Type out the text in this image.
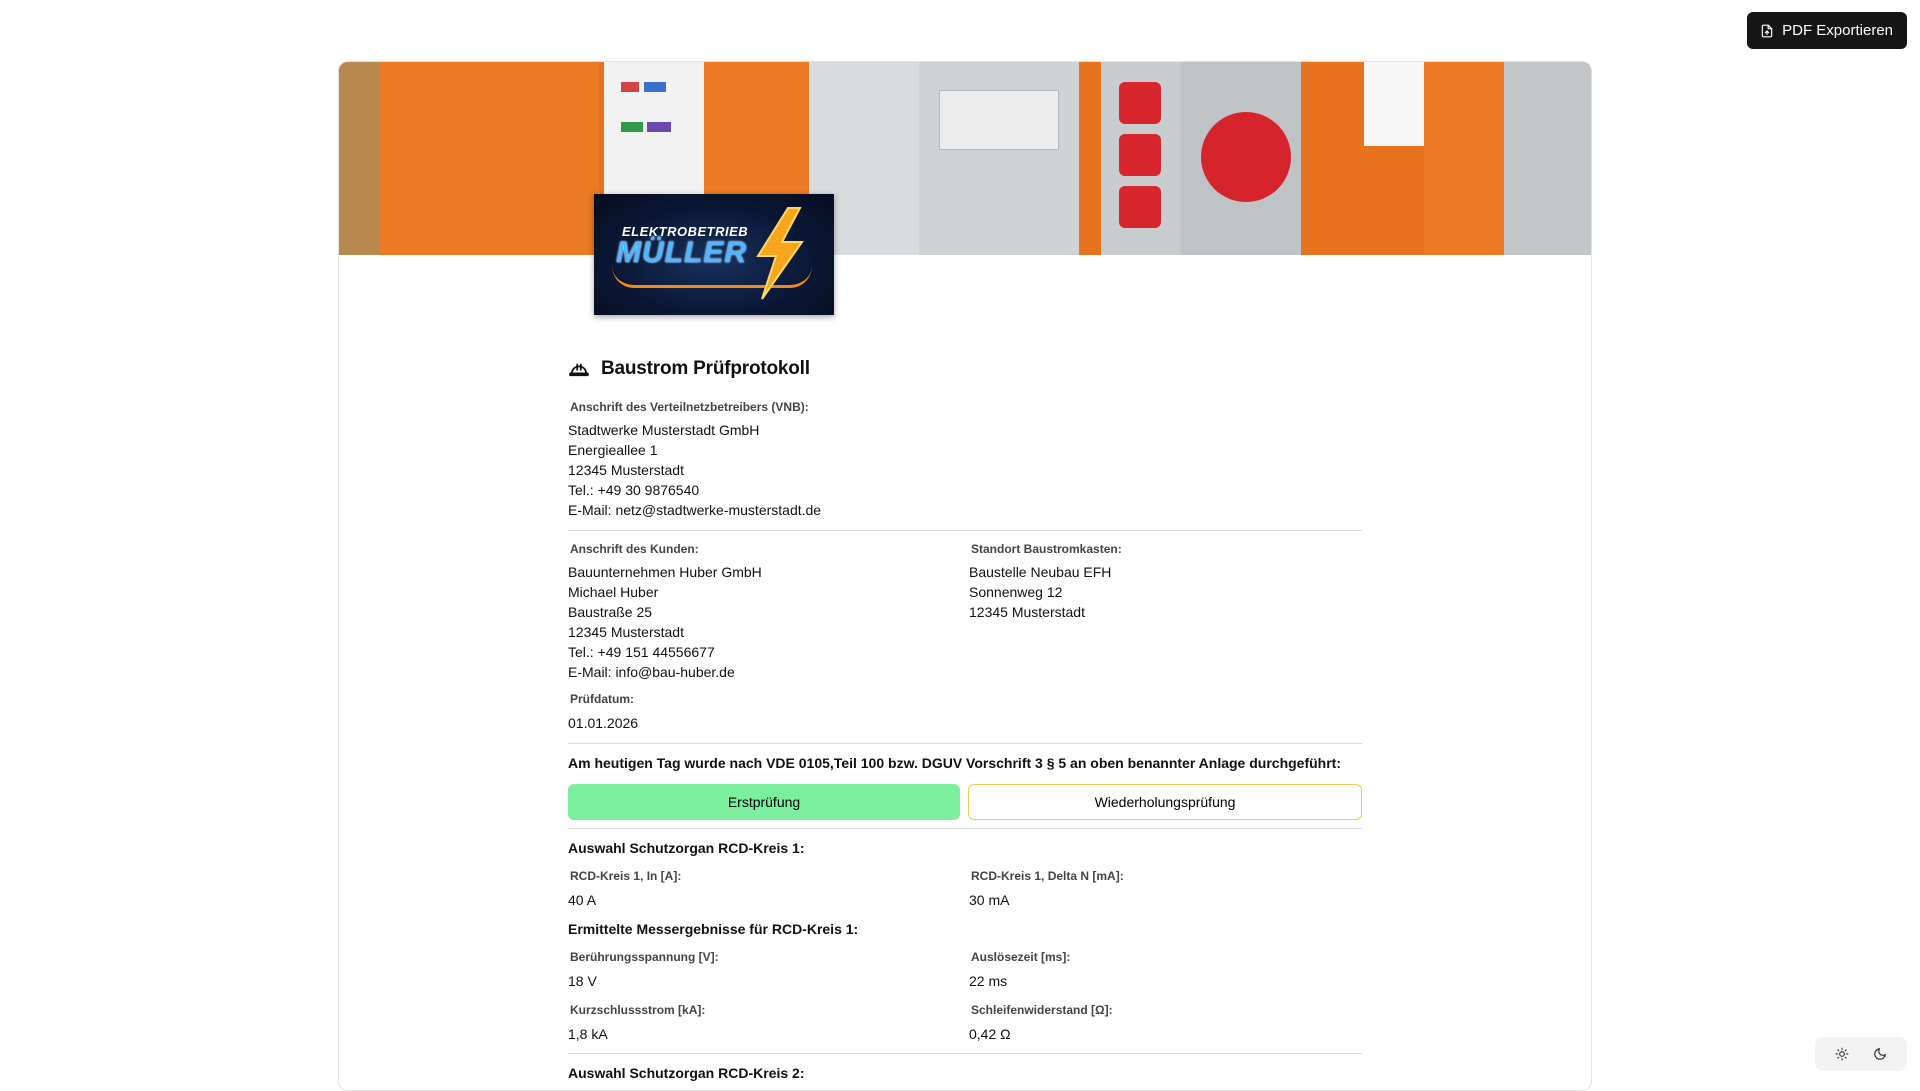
PDF Exportieren
ELEKTROBETRIEB
MÜLLER
Baustrom Prüfprotokoll
Anschrift des Verteilnetzbetreibers (VNB):
Stadtwerke Musterstadt GmbH
Energieallee 1
12345 Musterstadt
Tel.: +49 30 9876540
E-Mail: netz@stadtwerke-musterstadt.de
Anschrift des Kunden:
Bauunternehmen Huber GmbH
Michael Huber
Baustraße 25
12345 Musterstadt
Tel.: +49 151 44556677
E-Mail: info@bau-huber.de
Standort Baustromkasten:
Baustelle Neubau EFH
Sonnenweg 12
12345 Musterstadt
Prüfdatum:
01.01.2026
Am heutigen Tag wurde nach VDE 0105,Teil 100 bzw. DGUV Vorschrift 3 § 5 an oben benannter Anlage durchgeführt:
Erstprüfung	Wiederholungsprüfung
Auswahl Schutzorgan RCD-Kreis 1:
RCD-Kreis 1, In [A]:
40 A
RCD-Kreis 1, Delta N [mA]:
30 mA
Ermittelte Messergebnisse für RCD-Kreis 1:
Berührungsspannung [V]:
18 V
Auslösezeit [ms]:
22 ms
Kurzschlussstrom [kA]:
1,8 kA
Schleifenwiderstand [Ω]:
0,42 Ω
Auswahl Schutzorgan RCD-Kreis 2:
